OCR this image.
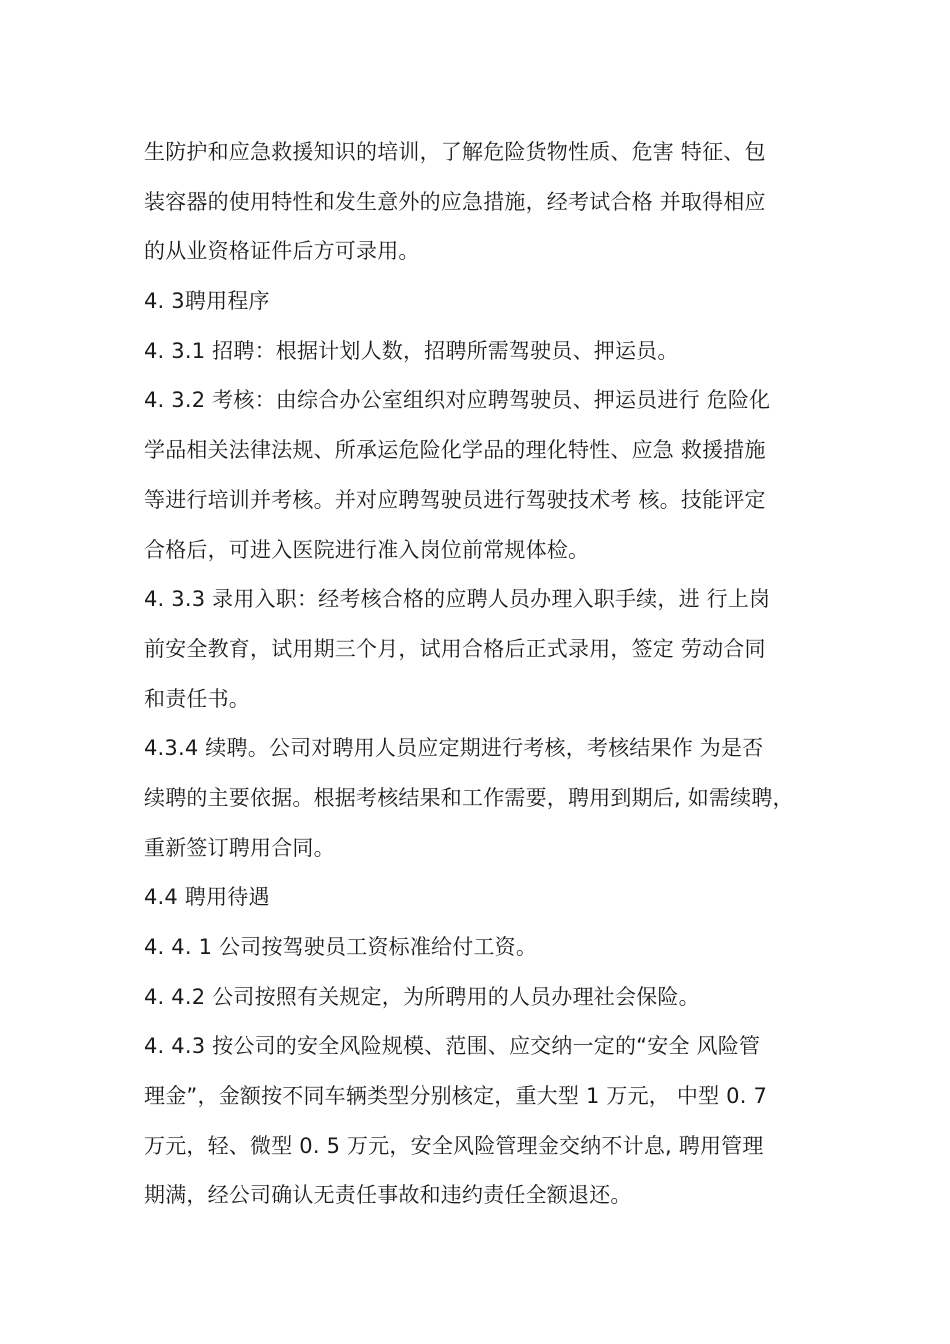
生防护和应急救援知识的培训，了解危险货物性质、危害 特征、包
装容器的使用特性和发生意外的应急措施，经考试合格 并取得相应
的从业资格证件后方可录用。
4. 3聘用程序
4. 3.1 招聘：根据计划人数，招聘所需驾驶员、押运员。
4. 3.2 考核：由综合办公室组织对应聘驾驶员、押运员进行 危险化
学品相关法律法规、所承运危险化学品的理化特性、应急 救援措施
等进行培训并考核。并对应聘驾驶员进行驾驶技术考 核。技能评定
合格后，可进入医院进行准入岗位前常规体检。
4. 3.3 录用入职：经考核合格的应聘人员办理入职手续，进 行上岗
前安全教育，试用期三个月，试用合格后正式录用，签定 劳动合同
和责任书。
4.3.4 续聘。公司对聘用人员应定期进行考核，考核结果作 为是否
续聘的主要依据。根据考核结果和工作需要，聘用到期后, 如需续聘，
重新签订聘用合同。
4.4 聘用待遇
4. 4. 1 公司按驾驶员工资标准给付工资。
4. 4.2 公司按照有关规定，为所聘用的人员办理社会保险。
4. 4.3 按公司的安全风险规模、范围、应交纳一定的“安全 风险管
理金”，金额按不同车辆类型分别核定，重大型 1 万元， 中型 0. 7
万元，轻、微型 0. 5 万元，安全风险管理金交纳不计息, 聘用管理
期满，经公司确认无责任事故和违约责任全额退还。
